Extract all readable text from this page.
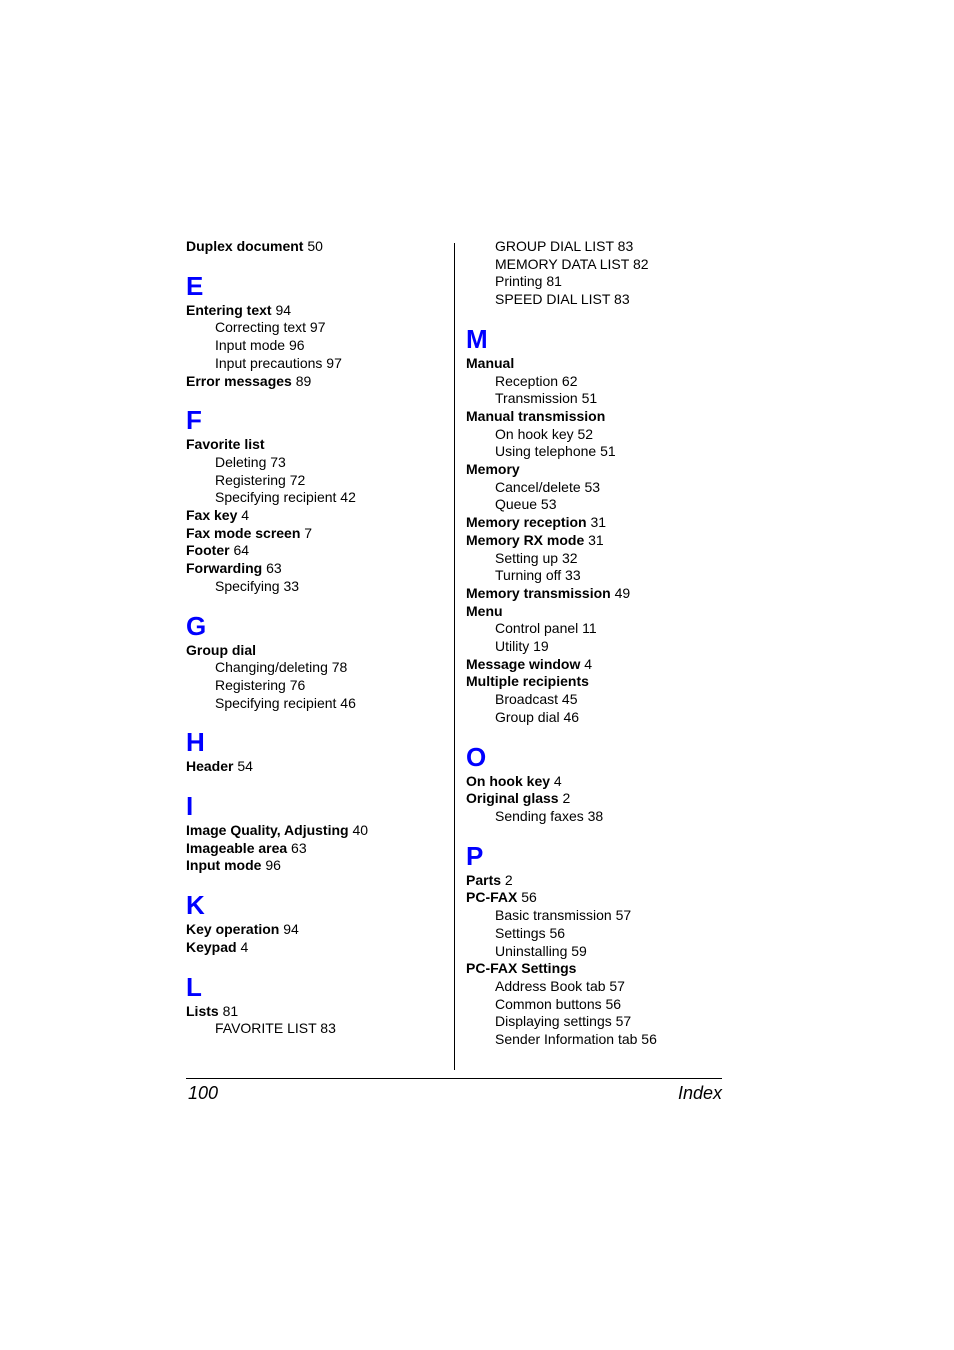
Duplex document 50
E
Entering text 94
Correcting text 97
Input mode 96
Input precautions 97
Error messages 89
F
Favorite list
Deleting 73
Registering 72
Specifying recipient 42
Fax key 4
Fax mode screen 7
Footer 64
Forwarding 63
Specifying 33
G
Group dial
Changing/deleting 78
Registering 76
Specifying recipient 46
H
Header 54
I
Image Quality, Adjusting 40
Imageable area 63
Input mode 96
K
Key operation 94
Keypad 4
L
Lists 81
FAVORITE LIST 83
GROUP DIAL LIST 83
MEMORY DATA LIST 82
Printing 81
SPEED DIAL LIST 83
M
Manual
Reception 62
Transmission 51
Manual transmission
On hook key 52
Using telephone 51
Memory
Cancel/delete 53
Queue 53
Memory reception 31
Memory RX mode 31
Setting up 32
Turning off 33
Memory transmission 49
Menu
Control panel 11
Utility 19
Message window 4
Multiple recipients
Broadcast 45
Group dial 46
O
On hook key 4
Original glass 2
Sending faxes 38
P
Parts 2
PC-FAX 56
Basic transmission 57
Settings 56
Uninstalling 59
PC-FAX Settings
Address Book tab 57
Common buttons 56
Displaying settings 57
Sender Information tab 56
100	Index
